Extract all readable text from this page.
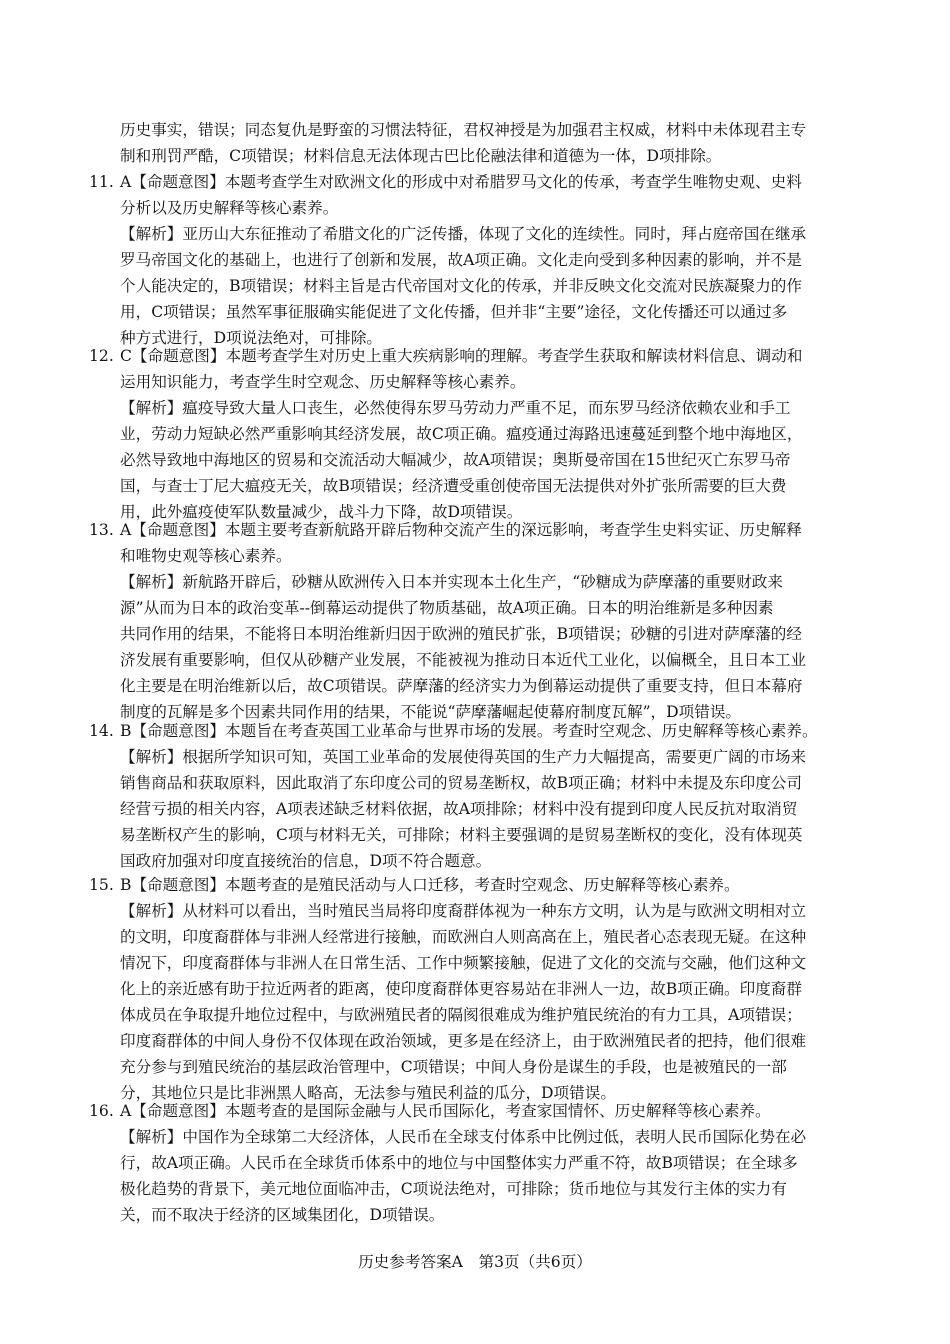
历史事实，错误；同态复仇是野蛮的习惯法特征，君权神授是为加强君主权威，材料中未体现君主专
制和刑罚严酷，C项错误；材料信息无法体现古巴比伦融法律和道德为一体，D项排除。
11. A【命题意图】本题考查学生对欧洲文化的形成中对希腊罗马文化的传承，考查学生唯物史观、史料
分析以及历史解释等核心素养。
【解析】亚历山大东征推动了希腊文化的广泛传播，体现了文化的连续性。同时，拜占庭帝国在继承
罗马帝国文化的基础上，也进行了创新和发展，故A项正确。文化走向受到多种因素的影响，并不是
个人能决定的，B项错误；材料主旨是古代帝国对文化的传承，并非反映文化交流对民族凝聚力的作
用，C项错误；虽然军事征服确实能促进了文化传播，但并非“主要”途径，文化传播还可以通过多
种方式进行，D项说法绝对，可排除。
12. C【命题意图】本题考查学生对历史上重大疾病影响的理解。考查学生获取和解读材料信息、调动和
运用知识能力，考查学生时空观念、历史解释等核心素养。
【解析】瘟疫导致大量人口丧生，必然使得东罗马劳动力严重不足，而东罗马经济依赖农业和手工
业，劳动力短缺必然严重影响其经济发展，故C项正确。瘟疫通过海路迅速蔓延到整个地中海地区，
必然导致地中海地区的贸易和交流活动大幅减少，故A项错误；奥斯曼帝国在15世纪灭亡东罗马帝
国，与查士丁尼大瘟疫无关，故B项错误；经济遭受重创使帝国无法提供对外扩张所需要的巨大费
用，此外瘟疫使军队数量减少，战斗力下降，故D项错误。
13. A【命题意图】本题主要考查新航路开辟后物种交流产生的深远影响，考查学生史料实证、历史解释
和唯物史观等核心素养。
【解析】新航路开辟后，砂糖从欧洲传入日本并实现本土化生产，“砂糖成为萨摩藩的重要财政来
源”从而为日本的政治变革--倒幕运动提供了物质基础，故A项正确。日本的明治维新是多种因素
共同作用的结果，不能将日本明治维新归因于欧洲的殖民扩张，B项错误；砂糖的引进对萨摩藩的经
济发展有重要影响，但仅从砂糖产业发展，不能被视为推动日本近代工业化，以偏概全，且日本工业
化主要是在明治维新以后，故C项错误。萨摩藩的经济实力为倒幕运动提供了重要支持，但日本幕府
制度的瓦解是多个因素共同作用的结果，不能说“萨摩藩崛起使幕府制度瓦解”，D项错误。
14. B【命题意图】本题旨在考查英国工业革命与世界市场的发展。考查时空观念、历史解释等核心素养。
【解析】根据所学知识可知，英国工业革命的发展使得英国的生产力大幅提高，需要更广阔的市场来
销售商品和获取原料，因此取消了东印度公司的贸易垄断权，故B项正确；材料中未提及东印度公司
经营亏损的相关内容，A项表述缺乏材料依据，故A项排除；材料中没有提到印度人民反抗对取消贸
易垄断权产生的影响，C项与材料无关，可排除；材料主要强调的是贸易垄断权的变化，没有体现英
国政府加强对印度直接统治的信息，D项不符合题意。
15. B【命题意图】本题考查的是殖民活动与人口迁移，考查时空观念、历史解释等核心素养。
【解析】从材料可以看出，当时殖民当局将印度裔群体视为一种东方文明，认为是与欧洲文明相对立
的文明，印度裔群体与非洲人经常进行接触，而欧洲白人则高高在上，殖民者心态表现无疑。在这种
情况下，印度裔群体与非洲人在日常生活、工作中频繁接触，促进了文化的交流与交融，他们这种文
化上的亲近感有助于拉近两者的距离，使印度裔群体更容易站在非洲人一边，故B项正确。印度裔群
体成员在争取提升地位过程中，与欧洲殖民者的隔阂很难成为维护殖民统治的有力工具，A项错误；
印度裔群体的中间人身份不仅体现在政治领域，更多是在经济上，由于欧洲殖民者的把持，他们很难
充分参与到殖民统治的基层政治管理中，C项错误；中间人身份是谋生的手段，也是被殖民的一部
分，其地位只是比非洲黑人略高，无法参与殖民利益的瓜分，D项错误。
16. A【命题意图】本题考查的是国际金融与人民币国际化，考查家国情怀、历史解释等核心素养。
【解析】中国作为全球第二大经济体，人民币在全球支付体系中比例过低，表明人民币国际化势在必
行，故A项正确。人民币在全球货币体系中的地位与中国整体实力严重不符，故B项错误；在全球多
极化趋势的背景下，美元地位面临冲击，C项说法绝对，可排除；货币地位与其发行主体的实力有
关，而不取决于经济的区域集团化，D项错误。
历史参考答案A　第3页（共6页）
